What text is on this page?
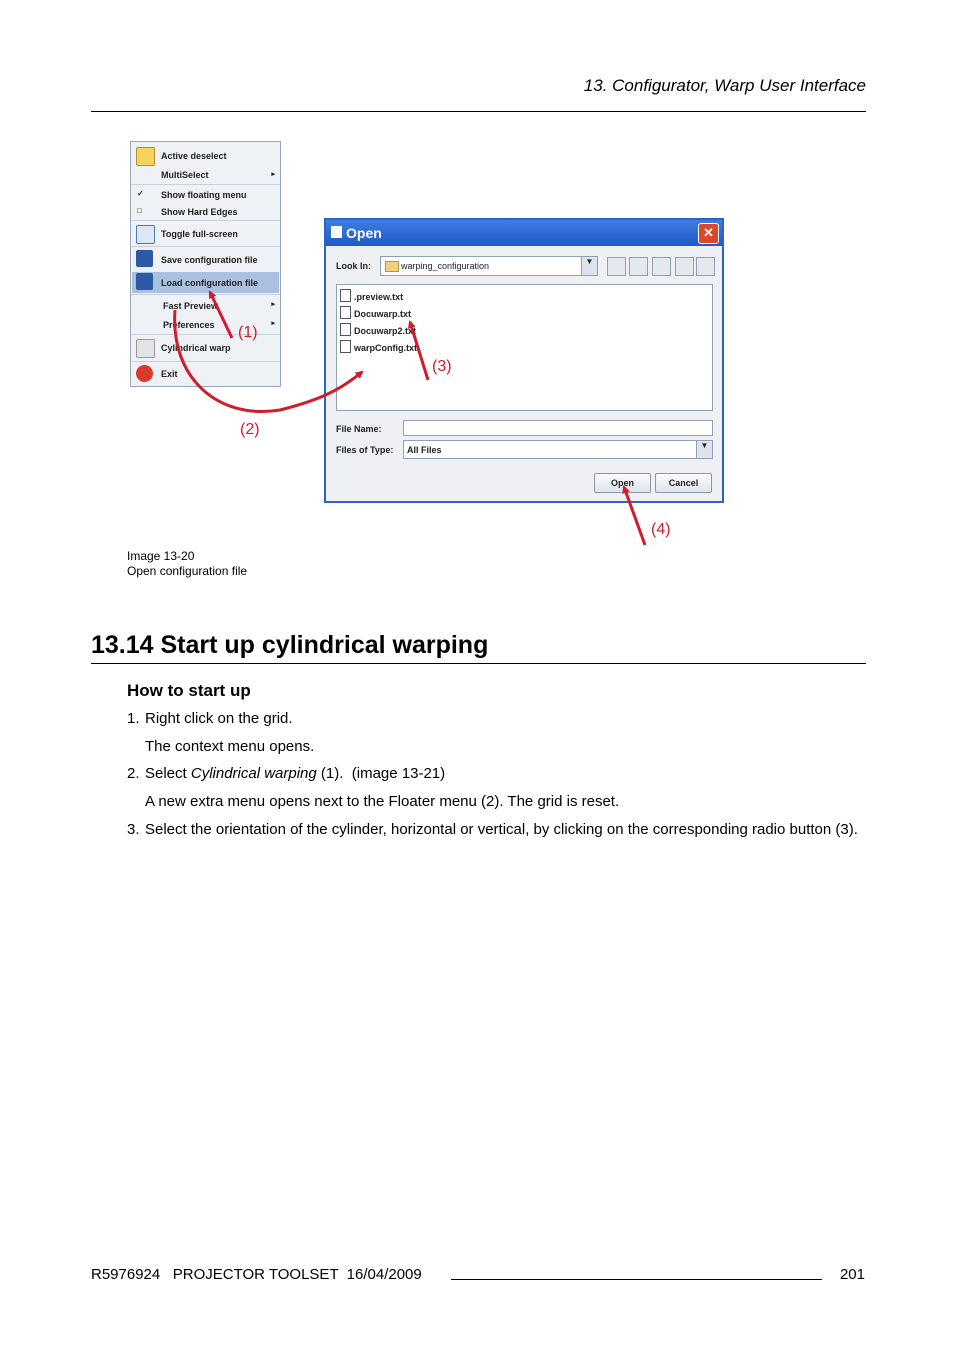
13. Configurator, Warp User Interface
Active deselect
MultiSelect	▸
✓ Show floating menu
□ Show Hard Edges
Toggle full-screen
Save configuration file
Load configuration file
Fast Preview	▸
Preferences	▸
Cylindrical warp
Exit
Open	✕
Look In:	warping_configuration	▼
.preview.txt
Docuwarp.txt
Docuwarp2.txt
warpConfig.txt
File Name:
Files of Type: All Files	▼
Open	Cancel
(1)
(2)
(3)
(4)
Image 13-20
Open configuration file
13.14 Start up cylindrical warping
How to start up
1. Right click on the grid.
The context menu opens.
2. Select Cylindrical warping (1).  (image 13-21)
A new extra menu opens next to the Floater menu (2). The grid is reset.
3. Select the orientation of the cylinder, horizontal or vertical, by clicking on the corresponding radio button (3).
R5976924   PROJECTOR TOOLSET  16/04/2009	201
